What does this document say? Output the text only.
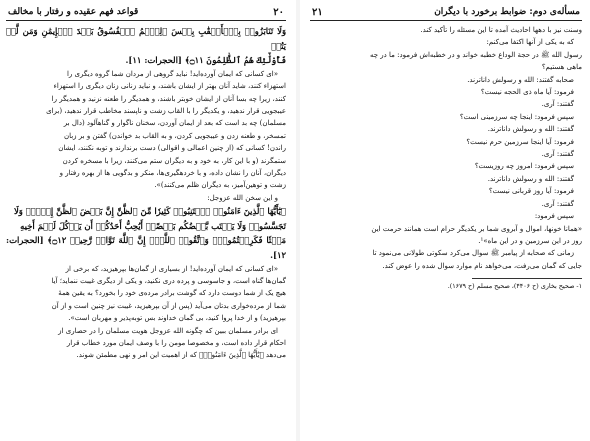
۲۰
قواعد فهم عقیده و رفتار با مخالف

وَلَا تَنَابَزُوا۟ بِٱلۡأَلۡقَٰبِ بِئۡسَ ٱلِٱسۡمُ ٱلۡفُسُوقُ بَعۡدَ ٱلۡإِيمَٰنِ وَمَن لَّمۡ يَتُبۡ

فَأُوْلَٰٓئِكَ هُمُ ٱلظَّٰلِمُونَ ۝١١﴾ [الحجرات: ۱۱].

«ای کسانی که ایمان آورده‌اید! نباید گروهی از مردان شما گروه دیگری را

استهزاء کنند، شاید آنان بهتر از ایشان باشند، و نباید زنانی زنان دیگری را استهزاء

کنند، زیرا چه بسا آنان از ایشان خوبتر باشند، و همدیگر را طعنه نزنید و همدیگر را

عیبجویی قرار ندهید، و یکدیگر را با القاب زشت و ناپسند مخاطب قرار ندهید، (برای

مسلمان) چه بد است که بعد از ایمان آوردن، سخنان ناگوار و گناهآلود (دال بر

تمسخر، و طعنه زدن و عیبجویی کردن، و به القاب بد خواندن) گفتن و بر زبان

راندن! کسانی که (از چنین اعمالی و اقوالی) دست برندارند و توبه نکنند، ایشان

ستمگرند (و با این کار، به خود و به دیگران ستم می‌کنند، زیرا با مسخره کردن

دیگران، آنان را نشان داده، و با خردهگیری‌ها، منکر و بدگویی ها از بهره رفتار و

زشت و توهین‌آمیز، به دیگران ظلم می‌کنند)».

و این سخن الله عزوجل:

﴿يَٰٓأَيُّهَا ٱلَّذِينَ ءَامَنُوا۟ ٱجۡتَنِبُوا۟ كَثِيرٗا مِّنَ ٱلظَّنِّ إِنَّ بَعۡضَ ٱلظَّنِّ إِثۡمٞۖ وَلَا

تَجَسَّسُوا۟ وَلَا يَغۡتَب بَّعۡضُكُم بَعۡضًاۚ أَيُحِبُّ أَحَدُكُمۡ أَن يَأۡكُلَ لَحۡمَ أَخِيهِ

مَيۡتٗا فَكَرِهۡتُمُوهُۚ وَٱتَّقُوا۟ ٱللَّهَۚ إِنَّ ٱللَّهَ تَوَّابٞ رَّحِيمٞ ۝١٢﴾ [الحجرات: ۱۲].

«ای کسانی که ایمان آورده‌اید! از بسیاری از گمان‌ها بپرهیزید، که برخی از

گمان‌ها گناه است، و جاسوسی و پرده دری نکنید، و یکی از دیگری غیبت ننماید؛ آیا

هیچ یک از شما دوست دارد که گوشت برادر مرده‌ی خود را بخورد؟ به یقین همهٔ

شما از مرده‌خواری بدتان می‌آید (پس از آن بپرهیزید، غیبت نیز چنین است و از آن

بپرهیزید) و از خدا پروا کنید، بی گمان خداوند بس توبه‌پذیر و مهربان است».

ای برادر مسلمان ببین که چگونه الله عزوجل هویت مسلمان را در حصاری از

احکام قرار داده است، و مخصوصا مومن را با وصف ایمان مورد خطاب قرار

می‌دهد ﴿يَٰٓأَيُّهَا ٱلَّذِينَ ءَامَنُوا۟﴾ که از اهمیت این امر و نهی مطمئن شوند.

مسأله‌ی دوم: ضوابط برخورد با دیگران
۲۱

وسنت نیز با دهها احادیث آمده تا این مسئله را تأکید کند.

که به یکی از آنها اکتفا می‌کنم:

رسول الله ﷺ در حجة الوداع خطبه خواند و در خطبه‌اش فرمود: ما در چه

ماهی هستیم؟

صحابه گفتند: الله و رسولش داناترند.

فرمود: آیا ماه ذی الحجه نیست؟

گفتند: آری.

سپس فرمود: اینجا چه سرزمینی است؟

گفتند: الله و رسولش داناترند.

فرمود: آیا اینجا سرزمین حرم نیست؟

گفتند: آری.

سپس فرمود: امروز چه روزیست؟

گفتند: الله و رسولش داناترند.

فرمود: آیا روز قربانی نیست؟

گفتند: آری.

سپس فرمود:

«همانا خونها، اموال و آبروی شما بر یکدیگر حرام است همانند حرمت این

روز در این سرزمین و در این ماه»¹.

زمانی که صحابه از پیامبر ﷺ سوال می‌کرد سکوتی طولانی می‌نمود تا

جایی که گمان می‌رفت، می‌خواهد نام موارد سوال شده را عوض کند.

۱- صحیح بخاری (ح ۴۴۰۶)، صحیح مسلم (ح ۱۶۷۹).
